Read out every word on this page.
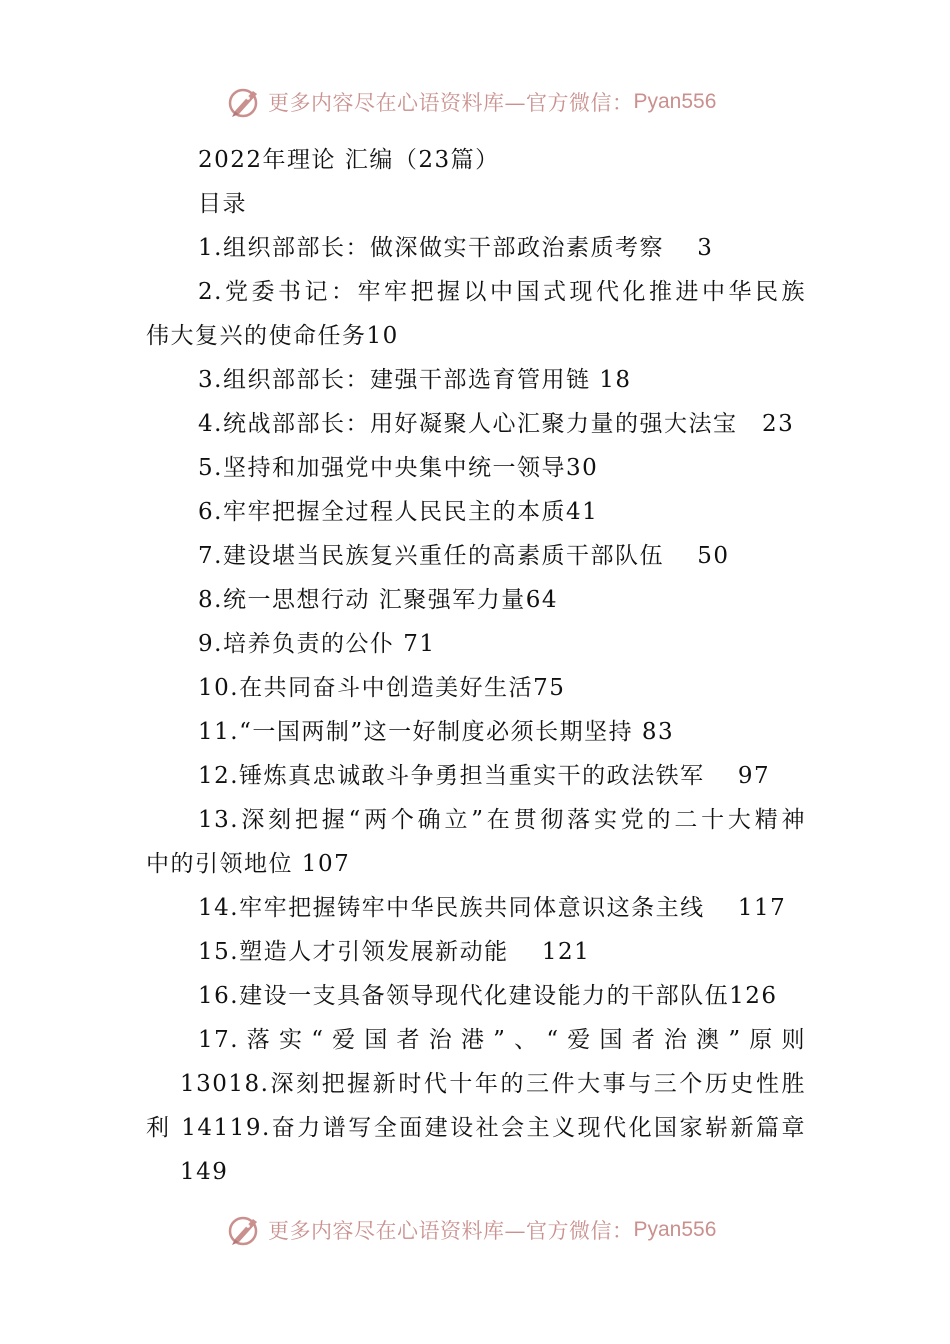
更多内容尽在心语资料库—官方微信： Pyan556
2022年理论 汇编（23篇）
目录
1.组织部部长：做深做实干部政治素质考察　 3
2.党委书记：牢牢把握以中国式现代化推进中华民族
伟大复兴的使命任务10
3.组织部部长：建强干部选育管用链 18
4.统战部部长：用好凝聚人心汇聚力量的强大法宝　23
5.坚持和加强党中央集中统一领导30
6.牢牢把握全过程人民民主的本质41
7.建设堪当民族复兴重任的高素质干部队伍　 50
8.统一思想行动 汇聚强军力量64
9.培养负责的公仆 71
10.在共同奋斗中创造美好生活75
11.“一国两制”这一好制度必须长期坚持 83
12.锤炼真忠诚敢斗争勇担当重实干的政法铁军　 97
13.深刻把握“两个确立”在贯彻落实党的二十大精神
中的引领地位 107
14.牢牢把握铸牢中华民族共同体意识这条主线　 117
15.塑造人才引领发展新动能　 121
16.建设一支具备领导现代化建设能力的干部队伍126
17.落实“爱国者治港”、“爱国者治澳”原则
13018.深刻把握新时代十年的三件大事与三个历史性胜
利 14119.奋力谱写全面建设社会主义现代化国家崭新篇章
149
更多内容尽在心语资料库—官方微信： Pyan556
